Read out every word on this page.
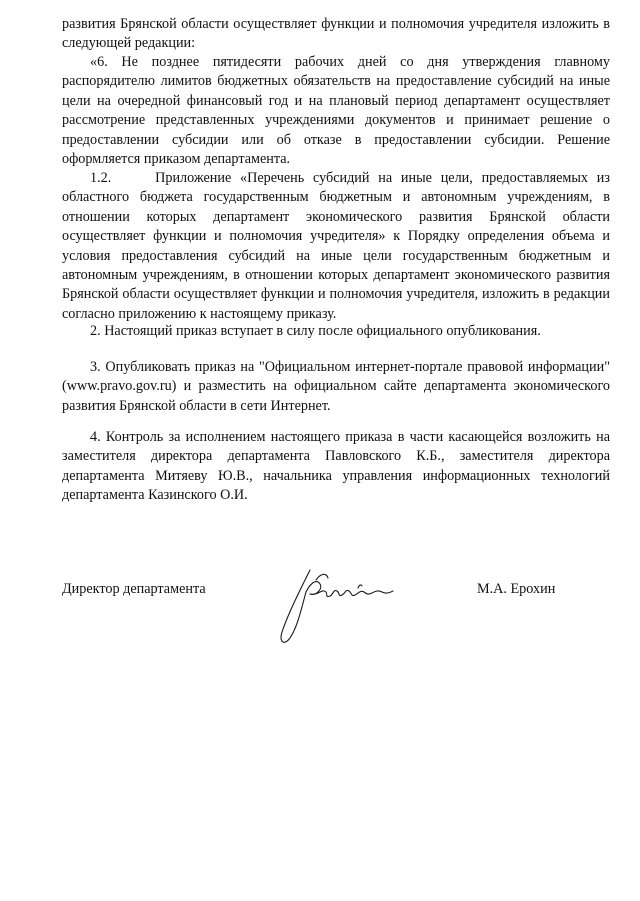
развития Брянской области осуществляет функции и полномочия учредителя изложить в следующей редакции:

«6. Не позднее пятидесяти рабочих дней со дня утверждения главному распорядителю лимитов бюджетных обязательств на предоставление субсидий на иные цели на очередной финансовый год и на плановый период департамент осуществляет рассмотрение представленных учреждениями документов и принимает решение о предоставлении субсидии или об отказе в предоставлении субсидии. Решение оформляется приказом департамента.

1.2.     Приложение «Перечень субсидий на иные цели, предоставляемых из областного бюджета государственным бюджетным и автономным учреждениям, в отношении которых департамент экономического развития Брянской области осуществляет функции и полномочия учредителя» к Порядку определения объема и условия предоставления субсидий на иные цели государственным бюджетным и автономным учреждениям, в отношении которых департамент экономического развития Брянской области осуществляет функции и полномочия учредителя, изложить в редакции согласно приложению к настоящему приказу.

2. Настоящий приказ вступает в силу после официального опубликования.

3. Опубликовать приказ на "Официальном интернет-портале правовой информации" (www.pravo.gov.ru) и разместить на официальном сайте департамента экономического развития Брянской области в сети Интернет.

4. Контроль за исполнением настоящего приказа в части касающейся возложить на заместителя директора департамента Павловского К.Б., заместителя директора департамента Митяеву Ю.В., начальника управления информационных технологий департамента Казинского О.И.

Директор департамента	М.А. Ерохин
